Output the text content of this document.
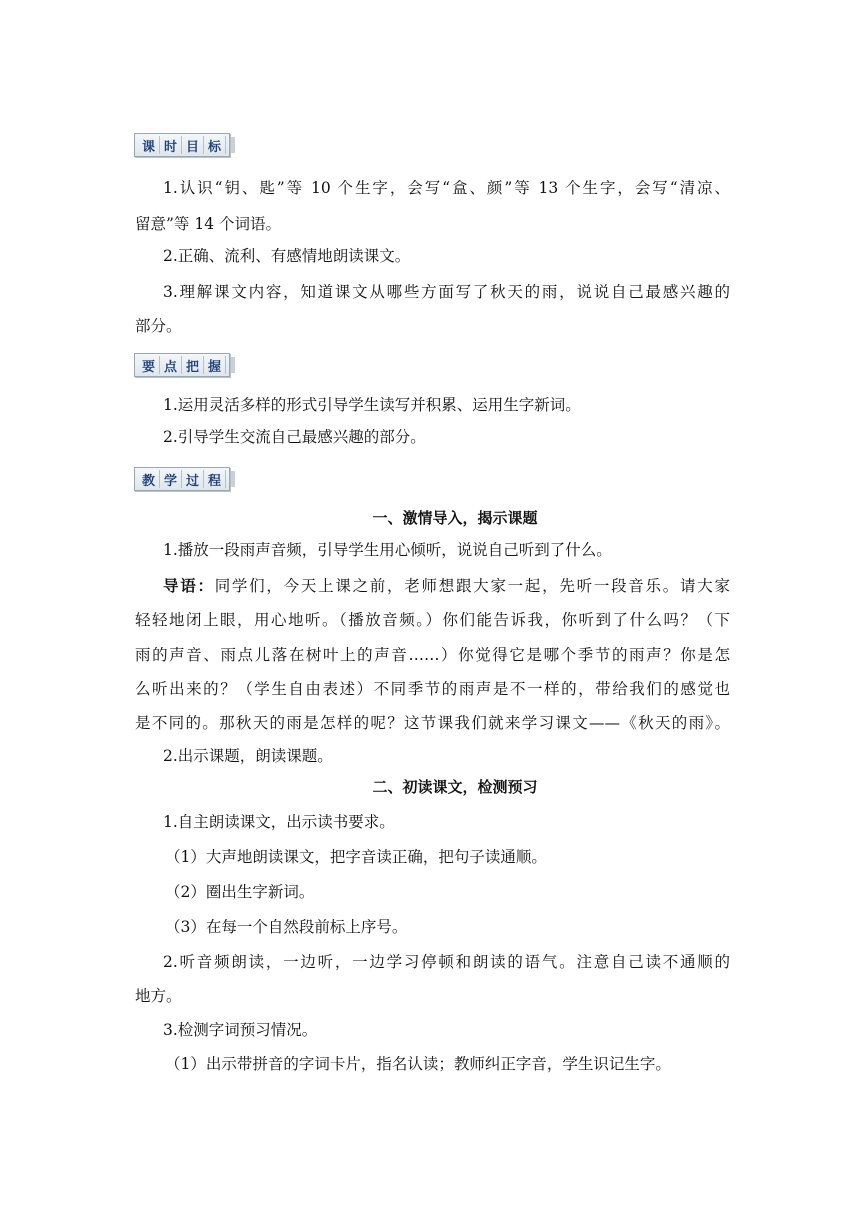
课 时 目 标
1.认识“钥、匙”等 10 个生字，会写“盒、颜”等 13 个生字，会写“清凉、
留意”等 14 个词语。
2.正确、流利、有感情地朗读课文。
3.理解课文内容，知道课文从哪些方面写了秋天的雨，说说自己最感兴趣的
部分。
要 点 把 握
1.运用灵活多样的形式引导学生读写并积累、运用生字新词。
2.引导学生交流自己最感兴趣的部分。
教 学 过 程
一、激情导入，揭示课题
1.播放一段雨声音频，引导学生用心倾听，说说自己听到了什么。
导语：同学们，今天上课之前，老师想跟大家一起，先听一段音乐。请大家
轻轻地闭上眼，用心地听。（播放音频。）你们能告诉我，你听到了什么吗？（下
雨的声音、雨点儿落在树叶上的声音……）你觉得它是哪个季节的雨声？你是怎
么听出来的？（学生自由表述）不同季节的雨声是不一样的，带给我们的感觉也
是不同的。那秋天的雨是怎样的呢？这节课我们就来学习课文——《秋天的雨》。
2.出示课题，朗读课题。
二、初读课文，检测预习
1.自主朗读课文，出示读书要求。
（1）大声地朗读课文，把字音读正确，把句子读通顺。
（2）圈出生字新词。
（3）在每一个自然段前标上序号。
2.听音频朗读，一边听，一边学习停顿和朗读的语气。注意自己读不通顺的
地方。
3.检测字词预习情况。
（1）出示带拼音的字词卡片，指名认读；教师纠正字音，学生识记生字。
